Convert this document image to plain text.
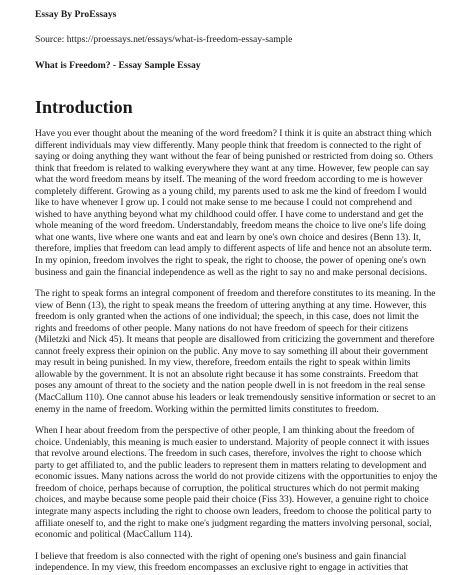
Essay By ProEssays
Source: https://proessays.net/essays/what-is-freedom-essay-sample
What is Freedom? - Essay Sample Essay
Introduction

Have you ever thought about the meaning of the word freedom? I think it is quite an abstract thing which different individuals may view differently. Many people think that freedom is connected to the right of saying or doing anything they want without the fear of being punished or restricted from doing so. Others think that freedom is related to walking everywhere they want at any time. However, few people can say what the word freedom means by itself. The meaning of the word freedom according to me is however completely different. Growing as a young child, my parents used to ask me the kind of freedom I would like to have whenever I grow up. I could not make sense to me because I could not comprehend and wished to have anything beyond what my childhood could offer. I have come to understand and get the whole meaning of the word freedom. Understandably, freedom means the choice to live one's life doing what one wants, live where one wants and eat and learn by one's own choice and desires (Benn 13). It, therefore, implies that freedom can lead amply to different aspects of life and hence not an absolute term. In my opinion, freedom involves the right to speak, the right to choose, the power of opening one's own business and gain the financial independence as well as the right to say no and make personal decisions.

The right to speak forms an integral component of freedom and therefore constitutes to its meaning. In the view of Benn (13), the right to speak means the freedom of uttering anything at any time. However, this freedom is only granted when the actions of one individual; the speech, in this case, does not limit the rights and freedoms of other people. Many nations do not have freedom of speech for their citizens (Miletzki and Nick 45). It means that people are disallowed from criticizing the government and therefore cannot freely express their opinion on the public. Any move to say something ill about their government may result in being punished. In my view, therefore, freedom entails the right to speak within limits allowable by the government. It is not an absolute right because it has some constraints. Freedom that poses any amount of threat to the society and the nation people dwell in is not freedom in the real sense (MacCallum 110). One cannot abuse his leaders or leak tremendously sensitive information or secret to an enemy in the name of freedom. Working within the permitted limits constitutes to freedom.

When I hear about freedom from the perspective of other people, I am thinking about the freedom of choice. Undeniably, this meaning is much easier to understand. Majority of people connect it with issues that revolve around elections. The freedom in such cases, therefore, involves the right to choose which party to get affiliated to, and the public leaders to represent them in matters relating to development and economic issues. Many nations across the world do not provide citizens with the opportunities to enjoy the freedom of choice, perhaps because of corruption, the political structures which do not permit making choices, and maybe because some people paid their choice (Fiss 33). However, a genuine right to choice integrate many aspects including the right to choose own leaders, freedom to choose the political party to affiliate oneself to, and the right to make one's judgment regarding the matters involving personal, social, economic and political (MacCallum 114).

I believe that freedom is also connected with the right of opening one's business and gain financial independence. In my view, this freedom encompasses an exclusive right to engage in activities that
